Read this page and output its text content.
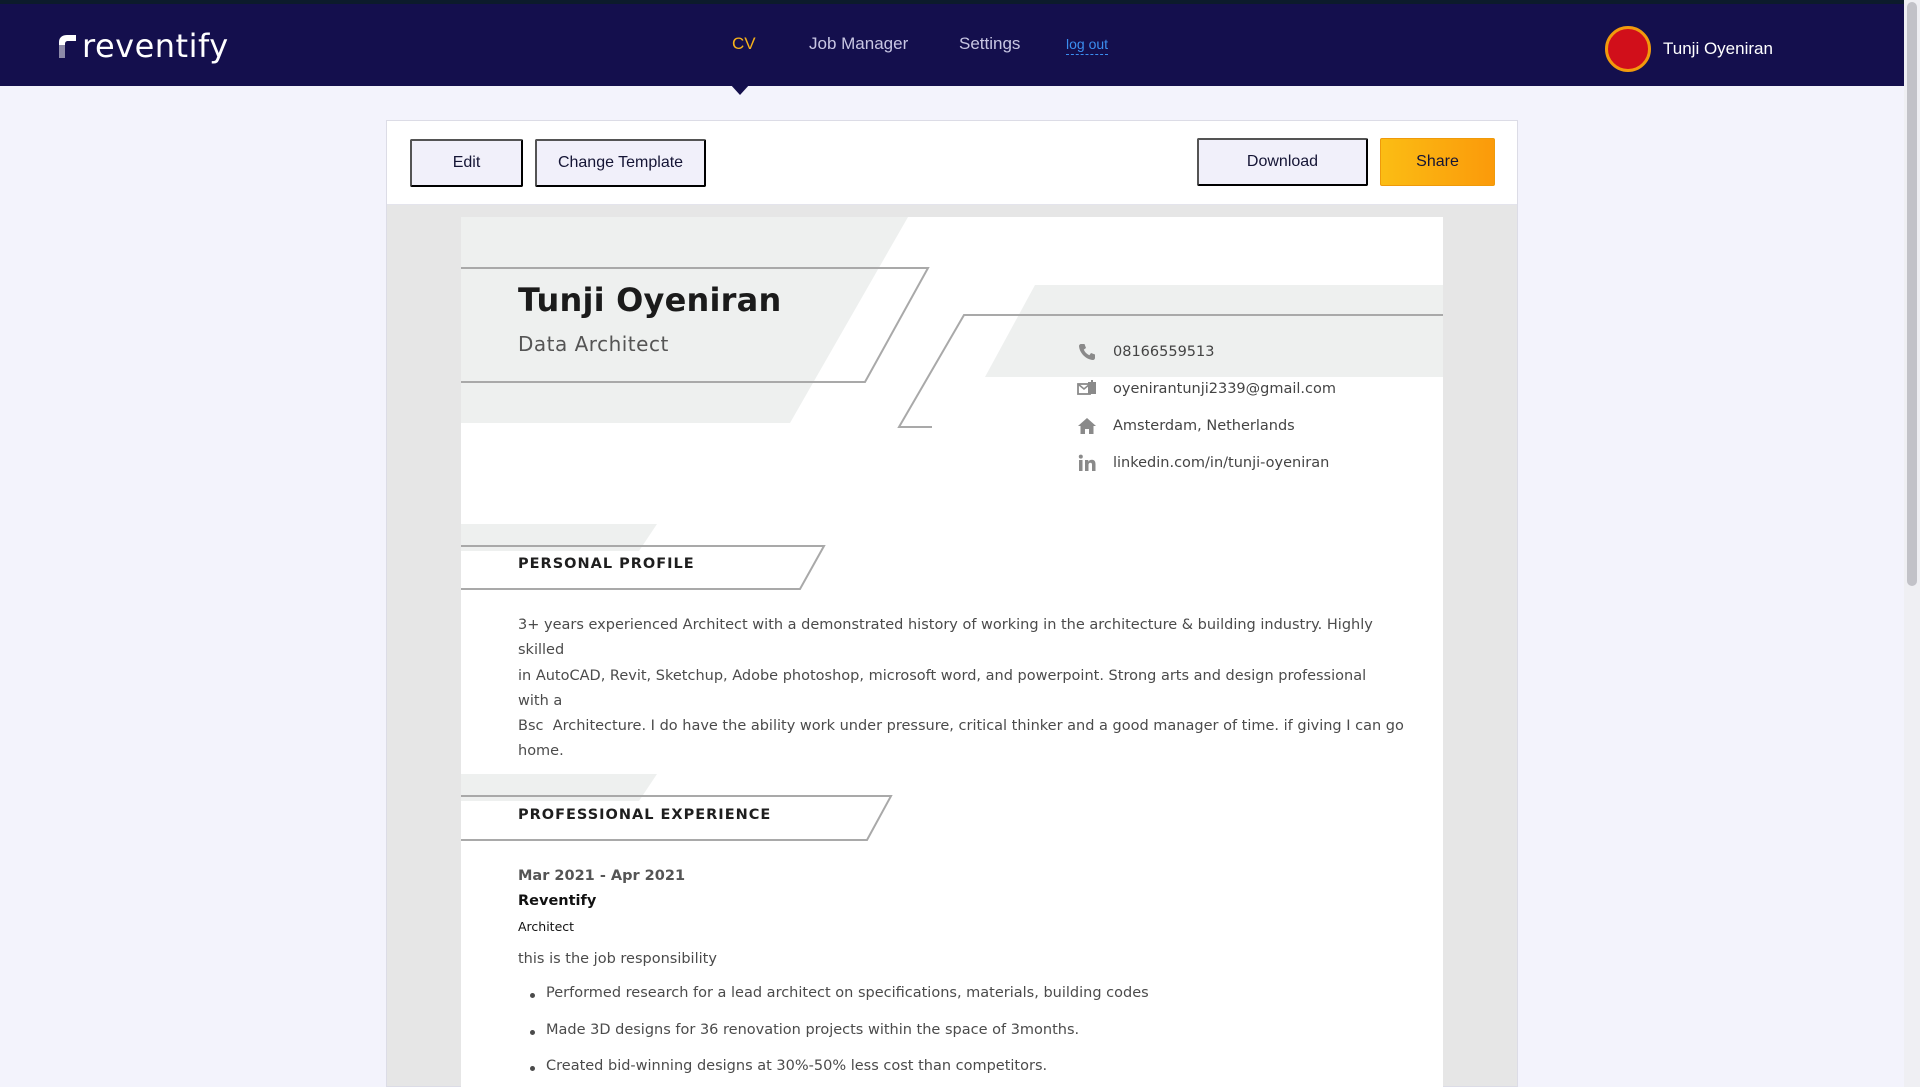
reventify	CV	Job Manager	Settings	log out	Tunji Oyeniran
Edit	Change Template	Download	Share
Tunji Oyeniran
Data Architect	08166559513
oyenirantunji2339@gmail.com
Amsterdam, Netherlands
linkedin.com/in/tunji-oyeniran
PERSONAL PROFILE
3+ years experienced Architect with a demonstrated history of working in the architecture & building industry. Highly skilled
in AutoCAD, Revit, Sketchup, Adobe photoshop, microsoft word, and powerpoint. Strong arts and design professional with a
Bsc  Architecture. I do have the ability work under pressure, critical thinker and a good manager of time. if giving I can go
home.
PROFESSIONAL EXPERIENCE
Mar 2021 - Apr 2021
Reventify
Architect
this is the job responsibility
Performed research for a lead architect on specifications, materials, building codes
Made 3D designs for 36 renovation projects within the space of 3months.
Created bid-winning designs at 30%-50% less cost than competitors.
